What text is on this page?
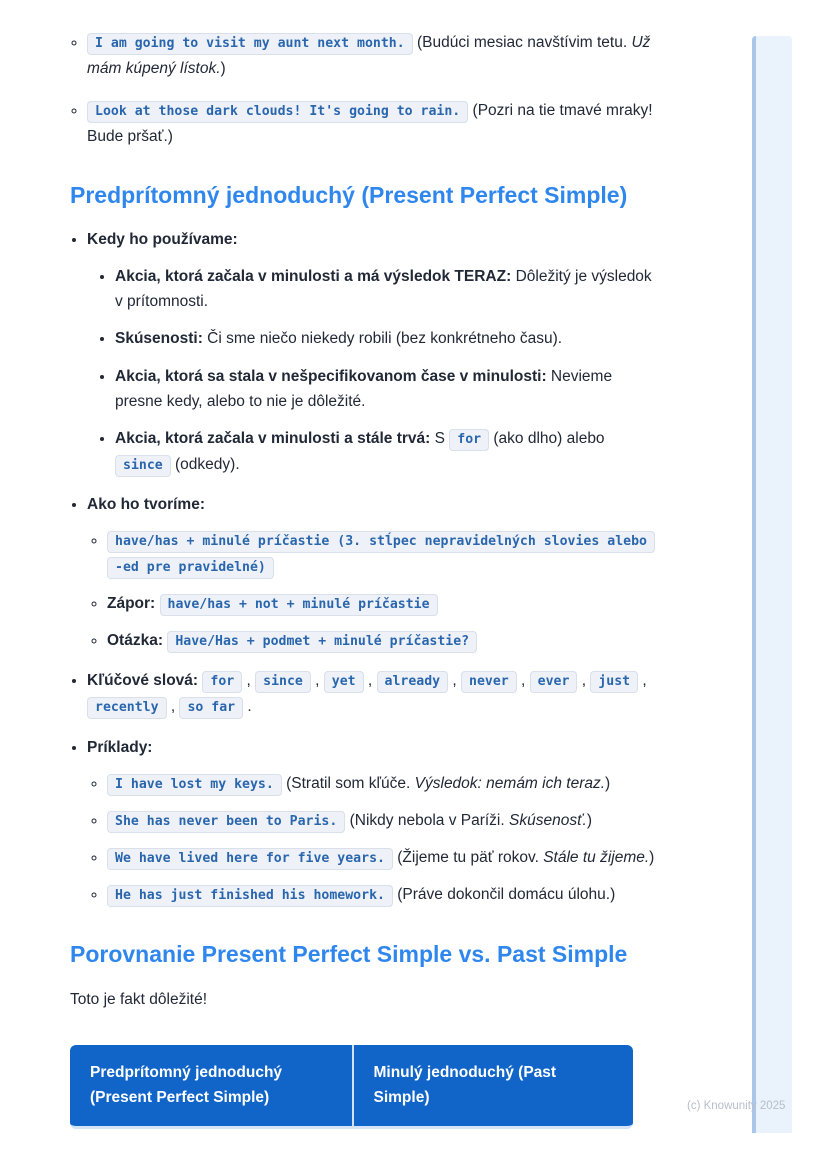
◦ I am going to visit my aunt next month. (Budúci mesiac navštívim tetu. Už mám kúpený lístok.)
◦ Look at those dark clouds! It's going to rain. (Pozri na tie tmavé mraky! Bude pršať.)
Predprítomný jednoduchý (Present Perfect Simple)
• Kedy ho používame:
• Akcia, ktorá začala v minulosti a má výsledok TERAZ: Dôležitý je výsledok v prítomnosti.
• Skúsenosti: Či sme niečo niekedy robili (bez konkrétneho času).
• Akcia, ktorá sa stala v nešpecifikovanom čase v minulosti: Nevieme presne kedy, alebo to nie je dôležité.
• Akcia, ktorá začala v minulosti a stále trvá: S for (ako dlho) alebo since (odkedy).
• Ako ho tvoríme:
◦ have/has + minulé príčastie (3. stĺpec nepravidelných slovies alebo -ed pre pravidelné)
◦ Zápor: have/has + not + minulé príčastie
◦ Otázka: Have/Has + podmet + minulé príčastie?
• Kľúčové slová: for , since , yet , already , never , ever , just , recently , so far .
• Príklady:
◦ I have lost my keys. (Stratil som kľúče. Výsledok: nemám ich teraz.)
◦ She has never been to Paris. (Nikdy nebola v Paríži. Skúsenosť.)
◦ We have lived here for five years. (Žijeme tu päť rokov. Stále tu žijeme.)
◦ He has just finished his homework. (Práve dokončil domácu úlohu.)
Porovnanie Present Perfect Simple vs. Past Simple

Toto je fakt dôležité!

Predprítomný jednoduchý (Present Perfect Simple)
Minulý jednoduchý (Past Simple)
(c) Knowunity 2025
